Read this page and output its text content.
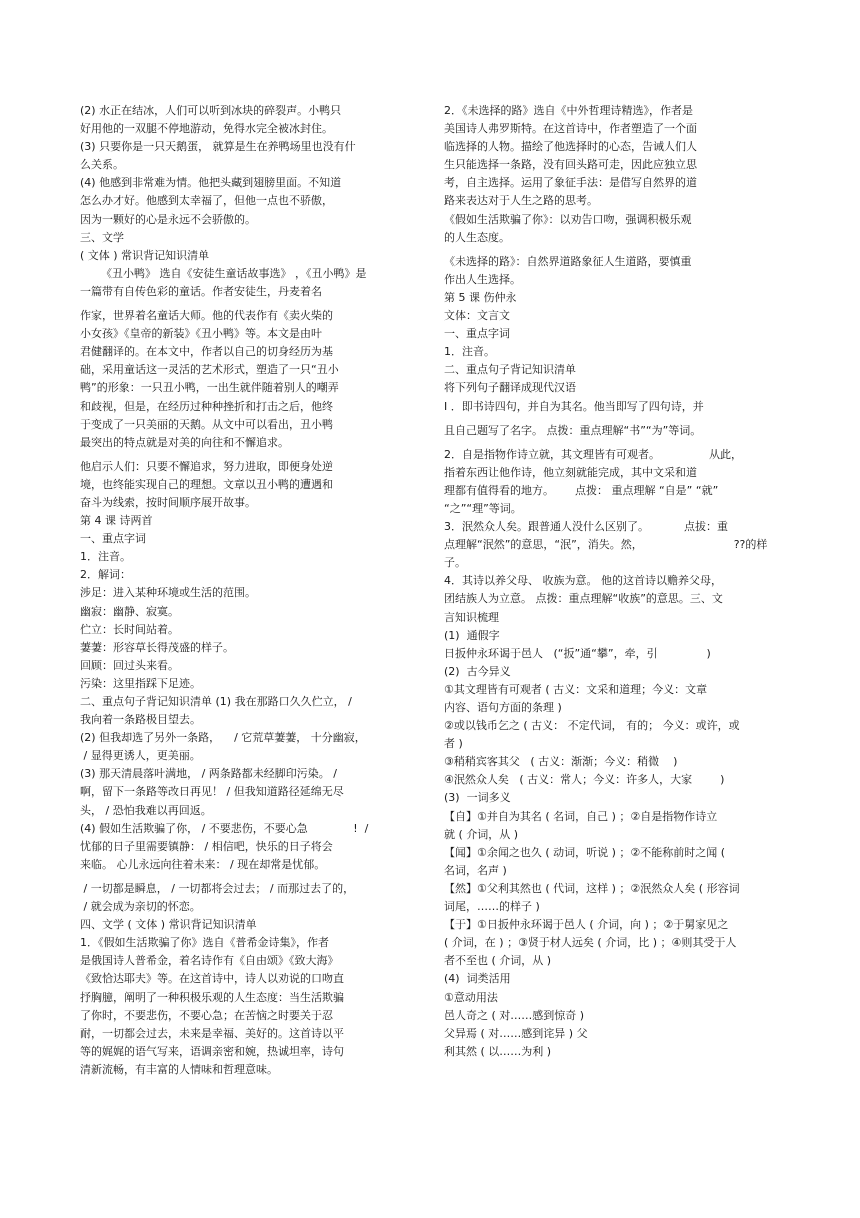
(2) 水正在结冰，人们可以听到冰块的碎裂声。小鸭只
好用他的一双腿不停地游动，免得水完全被冰封住。
(3) 只要你是一只天鹅蛋， 就算是生在养鸭场里也没有什
么关系。
(4) 他感到非常难为情。他把头藏到翅膀里面。不知道
怎么办才好。他感到太幸福了，但他一点也不骄傲，
因为一颗好的心是永远不会骄傲的。
三、文学
( 文体 ) 常识背记知识清单
《丑小鸭》 选自《安徒生童话故事选》 ，《丑小鸭》是
一篇带有自传色彩的童话。作者安徒生，丹麦着名
作家，世界着名童话大师。他的代表作有《卖火柴的
小女孩》《皇帝的新装》《丑小鸭》等。本文是由叶
君健翻译的。在本文中，作者以自己的切身经历为基
础，采用童话这一灵活的艺术形式，塑造了一只“丑小
鸭”的形象：一只丑小鸭，一出生就伴随着别人的嘲弄
和歧视，但是，在经历过种种挫折和打击之后，他终
于变成了一只美丽的天鹅。从文中可以看出，丑小鸭
最突出的特点就是对美的向往和不懈追求。
他启示人们：只要不懈追求，努力进取，即便身处逆
境，也终能实现自己的理想。文章以丑小鸭的遭遇和
奋斗为线索，按时间顺序展开故事。
第 4 课 诗两首
一、重点字词
1．注音。
2．解词：
涉足：进入某种环境或生活的范围。
幽寂：幽静、寂寞。
伫立：长时间站着。
萋萋：形容草长得茂盛的样子。
回顾：回过头来看。
污染：这里指踩下足迹。
二、重点句子背记知识清单 (1) 我在那路口久久伫立， /
我向着一条路极目望去。
(2) 但我却选了另外一条路，    / 它荒草萋萋， 十分幽寂，
/ 显得更诱人，更美丽。
(3) 那天清晨落叶满地， / 两条路都未经脚印污染。 /
啊，留下一条路等改日再见！ / 但我知道路径延绵无尽
头， / 恐怕我难以再回返。
(4) 假如生活欺骗了你， / 不要悲伤，不要心急             !  /
忧郁的日子里需要镇静： / 相信吧，快乐的日子将会
来临。 心儿永远向往着未来： / 现在却常是忧郁。
/ 一切都是瞬息， / 一切都将会过去； / 而那过去了的，
/ 就会成为亲切的怀恋。
四、文学 ( 文体 ) 常识背记知识清单
1．《假如生活欺骗了你》选自《普希金诗集》，作者
是俄国诗人普希金，着名诗作有《自由颂》《致大海》
《致恰达耶夫》等。在这首诗中，诗人以劝说的口吻直
抒胸臆，阐明了一种积极乐观的人生态度：当生活欺骗
了你时，不要悲伤，不要心急；在苦恼之时要关于忍
耐，一切都会过去，未来是幸福、美好的。这首诗以平
等的娓娓的语气写来，语调亲密和婉，热诚坦率，诗句
清新流畅，有丰富的人情味和哲理意味。
2．《未选择的路》选自《中外哲理诗精选》，作者是
美国诗人弗罗斯特。在这首诗中，作者塑造了一个面
临选择的人物。描绘了他选择时的心态，告诫人们人
生只能选择一条路，没有回头路可走，因此应独立思
考，自主选择。运用了象征手法：是借写自然界的道
路来表达对于人生之路的思考。
《假如生活欺骗了你》：以劝告口吻，强调积极乐观
的人生态度。
《未选择的路》：自然界道路象征人生道路，要慎重
作出人生选择。
第 5 课 伤仲永
文体：文言文
一、重点字词
1．注音。
二、重点句子背记知识清单
将下列句子翻译成现代汉语
I ．即书诗四句，并自为其名。他当即写了四句诗，并
且自己题写了名字。 点拨：重点理解“书”“为”等词。
2．自是指物作诗立就，其文理皆有可观者。              从此，
指着东西让他作诗，他立刻就能完成，其中文采和道
理都有值得看的地方。      点拨： 重点理解 “自是” “就”
“之”“理”等词。
3．泯然众人矣。跟普通人没什么区别了。          点拔：重
点理解“泯然”的意思，“泯”，消失。然，                          ??的样
子。
4．其诗以养父母、 收族为意。 他的这首诗以赡养父母，
团结族人为立意。 点拨：重点理解“收族”的意思。三、文
言知识梳理
(1)  通假字
日扳仲永环谒于邑人   (“扳”通“攀”，牵，引              )
(2)  古今异义
①其文理皆有可观者 ( 古义：文采和道理；今义：文章
内容、语句方面的条理 )
②或以钱币乞之 ( 古义： 不定代词， 有的； 今义：或许，或
者 )
③稍稍宾客其父   ( 古义：渐渐；今义：稍微    )
④泯然众人矣   ( 古义：常人；今义：许多人，大家        )
(3)  一词多义
【自】①并自为其名 ( 名词，自己 ) ；②自是指物作诗立
就 ( 介词，从 )
【闻】①余闻之也久 ( 动词，听说 ) ；②不能称前时之闻 (
名词，名声 )
【然】①父利其然也 ( 代词，这样 ) ；②泯然众人矣 ( 形容词
词尾，……的样子 )
【于】①日扳仲永环谒于邑人 ( 介词，向 ) ；②于舅家见之
( 介词，在 ) ；③贤于材人远矣 ( 介词，比 ) ；④则其受于人
者不至也 ( 介词，从 )
(4)  词类活用
①意动用法
邑人奇之 ( 对……感到惊奇 )
父异焉 ( 对……感到诧异 ) 父
利其然 ( 以……为利 )
